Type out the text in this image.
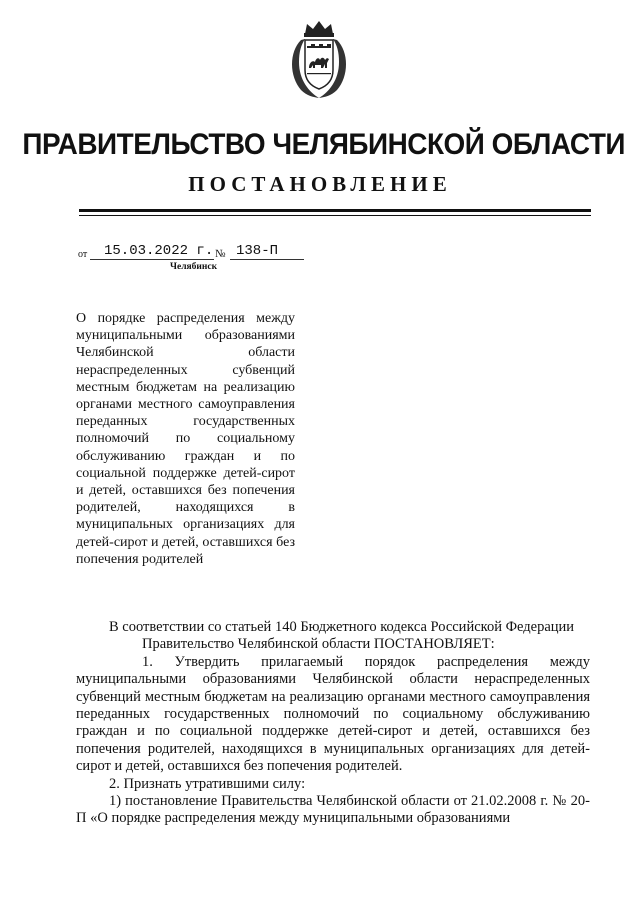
ПРАВИТЕЛЬСТВО ЧЕЛЯБИНСКОЙ ОБЛАСТИ
ПОСТАНОВЛЕНИЕ
от 15.03.2022 г. № 138-П
Челябинск
О порядке распределения между муниципальными образованиями Челябинской области нераспределенных субвенций местным бюджетам на реализацию органами местного самоуправления переданных государственных полномочий по социальному обслуживанию граждан и по социальной поддержке детей-сирот и детей, оставшихся без попечения родителей, находящихся в муниципальных организациях для детей-сирот и детей, оставшихся без попечения родителей

В соответствии со статьей 140 Бюджетного кодекса Российской Федерации

Правительство Челябинской области ПОСТАНОВЛЯЕТ:

1. Утвердить прилагаемый порядок распределения между муниципальными образованиями Челябинской области нераспределенных субвенций местным бюджетам на реализацию органами местного самоуправления переданных государственных полномочий по социальному обслуживанию граждан и по социальной поддержке детей-сирот и детей, оставшихся без попечения родителей, находящихся в муниципальных организациях для детей-сирот и детей, оставшихся без попечения родителей.

2. Признать утратившими силу:

1) постановление Правительства Челябинской области от 21.02.2008 г. № 20-П «О порядке распределения между муниципальными образованиями
